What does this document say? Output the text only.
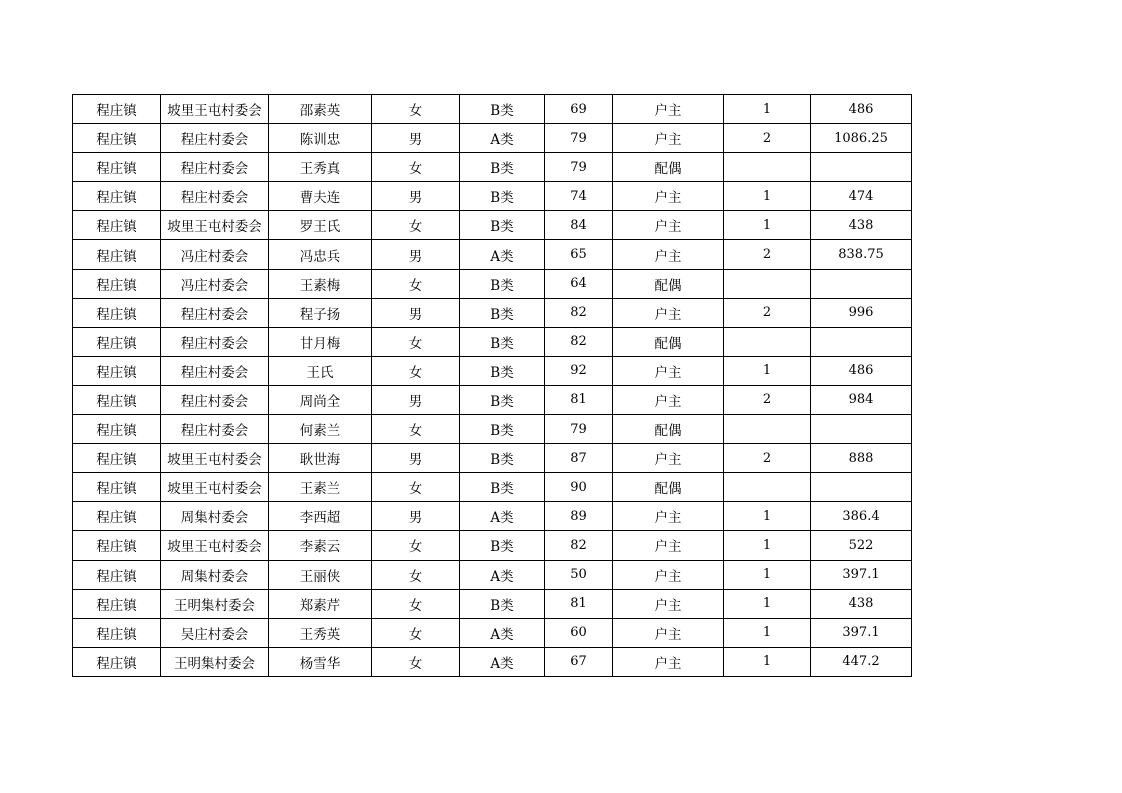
程庄镇	坡里王屯村委会	邵素英	女	B类	69	户主	1	486
程庄镇	程庄村委会	陈训忠	男	A类	79	户主	2	1086.25
程庄镇	程庄村委会	王秀真	女	B类	79	配偶		
程庄镇	程庄村委会	曹夫连	男	B类	74	户主	1	474
程庄镇	坡里王屯村委会	罗王氏	女	B类	84	户主	1	438
程庄镇	冯庄村委会	冯忠兵	男	A类	65	户主	2	838.75
程庄镇	冯庄村委会	王素梅	女	B类	64	配偶		
程庄镇	程庄村委会	程子扬	男	B类	82	户主	2	996
程庄镇	程庄村委会	甘月梅	女	B类	82	配偶		
程庄镇	程庄村委会	王氏	女	B类	92	户主	1	486
程庄镇	程庄村委会	周尚全	男	B类	81	户主	2	984
程庄镇	程庄村委会	何素兰	女	B类	79	配偶		
程庄镇	坡里王屯村委会	耿世海	男	B类	87	户主	2	888
程庄镇	坡里王屯村委会	王素兰	女	B类	90	配偶		
程庄镇	周集村委会	李西超	男	A类	89	户主	1	386.4
程庄镇	坡里王屯村委会	李素云	女	B类	82	户主	1	522
程庄镇	周集村委会	王丽侠	女	A类	50	户主	1	397.1
程庄镇	王明集村委会	郑素芹	女	B类	81	户主	1	438
程庄镇	吴庄村委会	王秀英	女	A类	60	户主	1	397.1
程庄镇	王明集村委会	杨雪华	女	A类	67	户主	1	447.2
